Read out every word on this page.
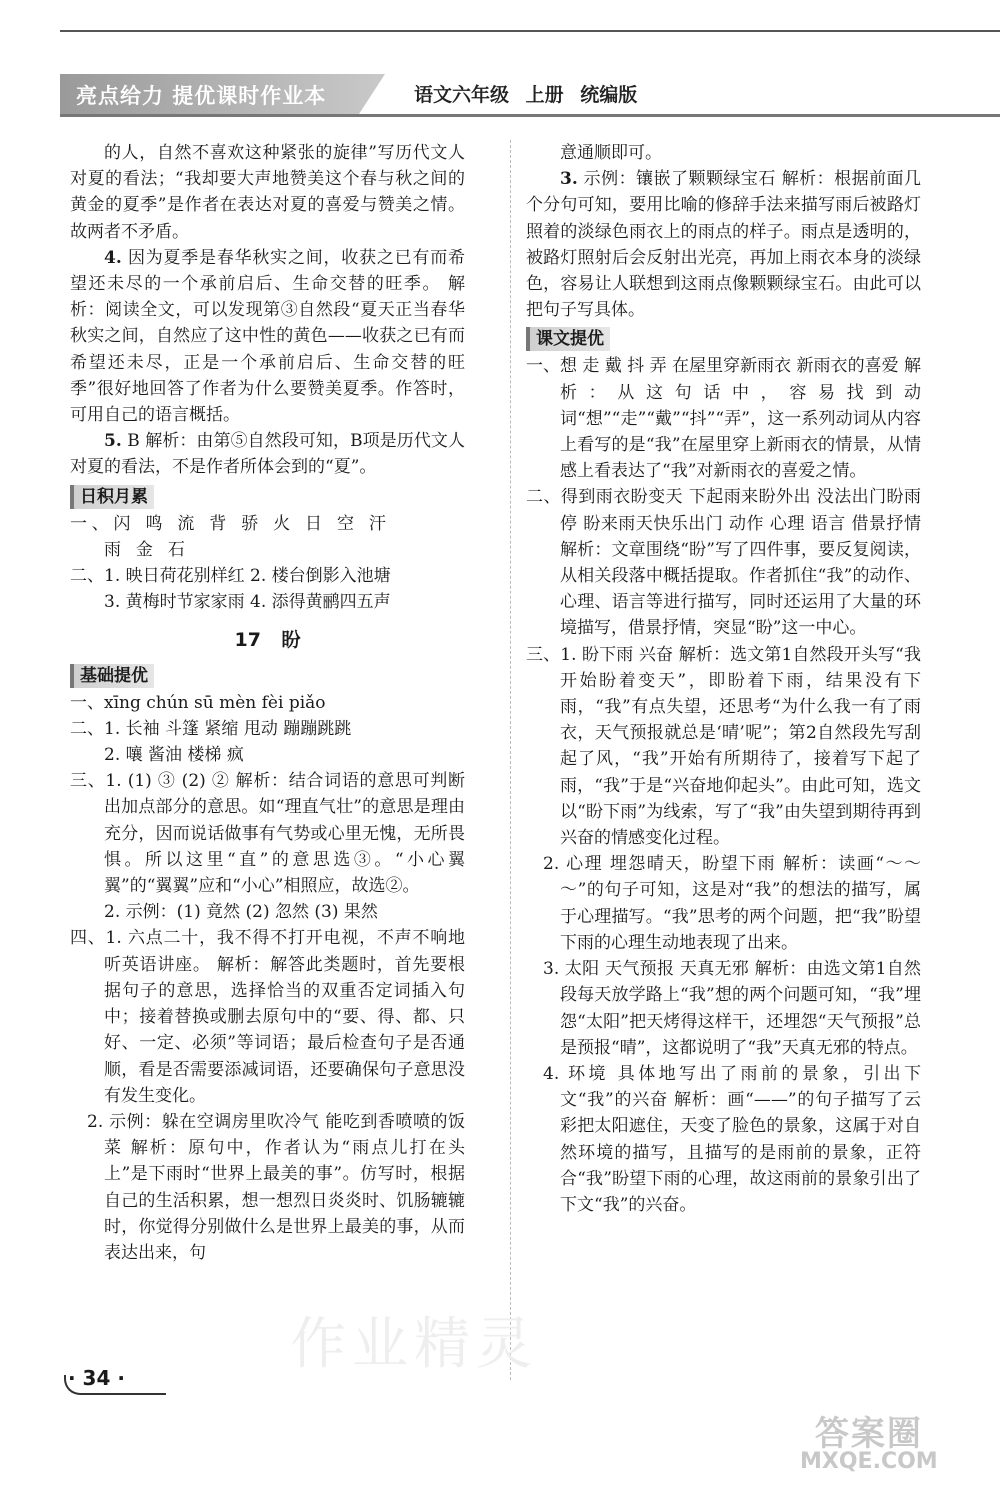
亮点给力 提优课时作业本	语文六年级 上册 统编版

的人，自然不喜欢这种紧张的旋律”写历代文人对夏的看法；“我却要大声地赞美这个春与秋之间的黄金的夏季”是作者在表达对夏的喜爱与赞美之情。故两者不矛盾。

4. 因为夏季是春华秋实之间，收获之已有而希望还未尽的一个承前启后、生命交替的旺季。 解析：阅读全文，可以发现第③自然段“夏天正当春华秋实之间，自然应了这中性的黄色——收获之已有而希望还未尽，正是一个承前启后、生命交替的旺季”很好地回答了作者为什么要赞美夏季。作答时，可用自己的语言概括。

5. B 解析：由第⑤自然段可知，B项是历代文人对夏的看法，不是作者所体会到的“夏”。

日积月累

一、闪 鸣 流 背 骄 火 日 空 汗

雨 金 石

二、1. 映日荷花别样红 2. 楼台倒影入池塘

3. 黄梅时节家家雨 4. 添得黄鹂四五声

17 盼

基础提优

一、xīng chún sū mèn fèi piǎo

二、1. 长袖 斗篷 紧缩 甩动 蹦蹦跳跳

2. 嚷 酱油 楼梯 疯

三、1. (1) ③ (2) ② 解析：结合词语的意思可判断出加点部分的意思。如“理直气壮”的意思是理由充分，因而说话做事有气势或心里无愧，无所畏惧。所以这里“直”的意思选③。“小心翼翼”的“翼翼”应和“小心”相照应，故选②。

2. 示例：(1) 竟然 (2) 忽然 (3) 果然

四、1. 六点二十，我不得不打开电视，不声不响地听英语讲座。 解析：解答此类题时，首先要根据句子的意思，选择恰当的双重否定词插入句中；接着替换或删去原句中的“要、得、都、只好、一定、必须”等词语；最后检查句子是否通顺，看是否需要添减词语，还要确保句子意思没有发生变化。

2. 示例：躲在空调房里吹冷气 能吃到香喷喷的饭菜 解析：原句中，作者认为“雨点儿打在头上”是下雨时“世界上最美的事”。仿写时，根据自己的生活积累，想一想烈日炎炎时、饥肠辘辘时，你觉得分别做什么是世界上最美的事，从而表达出来，句

意通顺即可。

3. 示例：镶嵌了颗颗绿宝石 解析：根据前面几个分句可知，要用比喻的修辞手法来描写雨后被路灯照着的淡绿色雨衣上的雨点的样子。雨点是透明的，被路灯照射后会反射出光亮，再加上雨衣本身的淡绿色，容易让人联想到这雨点像颗颗绿宝石。由此可以把句子写具体。

课文提优

一、想 走 戴 抖 弄 在屋里穿新雨衣 新雨衣的喜爱 解析：从这句话中，容易找到动词“想”“走”“戴”“抖”“弄”，这一系列动词从内容上看写的是“我”在屋里穿上新雨衣的情景，从情感上看表达了“我”对新雨衣的喜爱之情。

二、得到雨衣盼变天 下起雨来盼外出 没法出门盼雨停 盼来雨天快乐出门 动作 心理 语言 借景抒情 解析：文章围绕“盼”写了四件事，要反复阅读，从相关段落中概括提取。作者抓住“我”的动作、心理、语言等进行描写，同时还运用了大量的环境描写，借景抒情，突显“盼”这一中心。

三、1. 盼下雨 兴奋 解析：选文第1自然段开头写“我开始盼着变天”，即盼着下雨，结果没有下雨，“我”有点失望，还思考“为什么我一有了雨衣，天气预报就总是‘晴’呢”；第2自然段先写刮起了风，“我”开始有所期待了，接着写下起了雨，“我”于是“兴奋地仰起头”。由此可知，选文以“盼下雨”为线索，写了“我”由失望到期待再到兴奋的情感变化过程。

2. 心理 埋怨晴天，盼望下雨 解析：读画“～～～”的句子可知，这是对“我”的想法的描写，属于心理描写。“我”思考的两个问题，把“我”盼望下雨的心理生动地表现了出来。

3. 太阳 天气预报 天真无邪 解析：由选文第1自然段每天放学路上“我”想的两个问题可知，“我”埋怨“太阳”把天烤得这样干，还埋怨“天气预报”总是预报“晴”，这都说明了“我”天真无邪的特点。

4. 环境 具体地写出了雨前的景象，引出下文“我”的兴奋 解析：画“——”的句子描写了云彩把太阳遮住，天变了脸色的景象，这属于对自然环境的描写，且描写的是雨前的景象，正符合“我”盼望下雨的心理，故这雨前的景象引出了下文“我”的兴奋。

作业精灵
· 34 ·
答案圈
MXQE.COM
